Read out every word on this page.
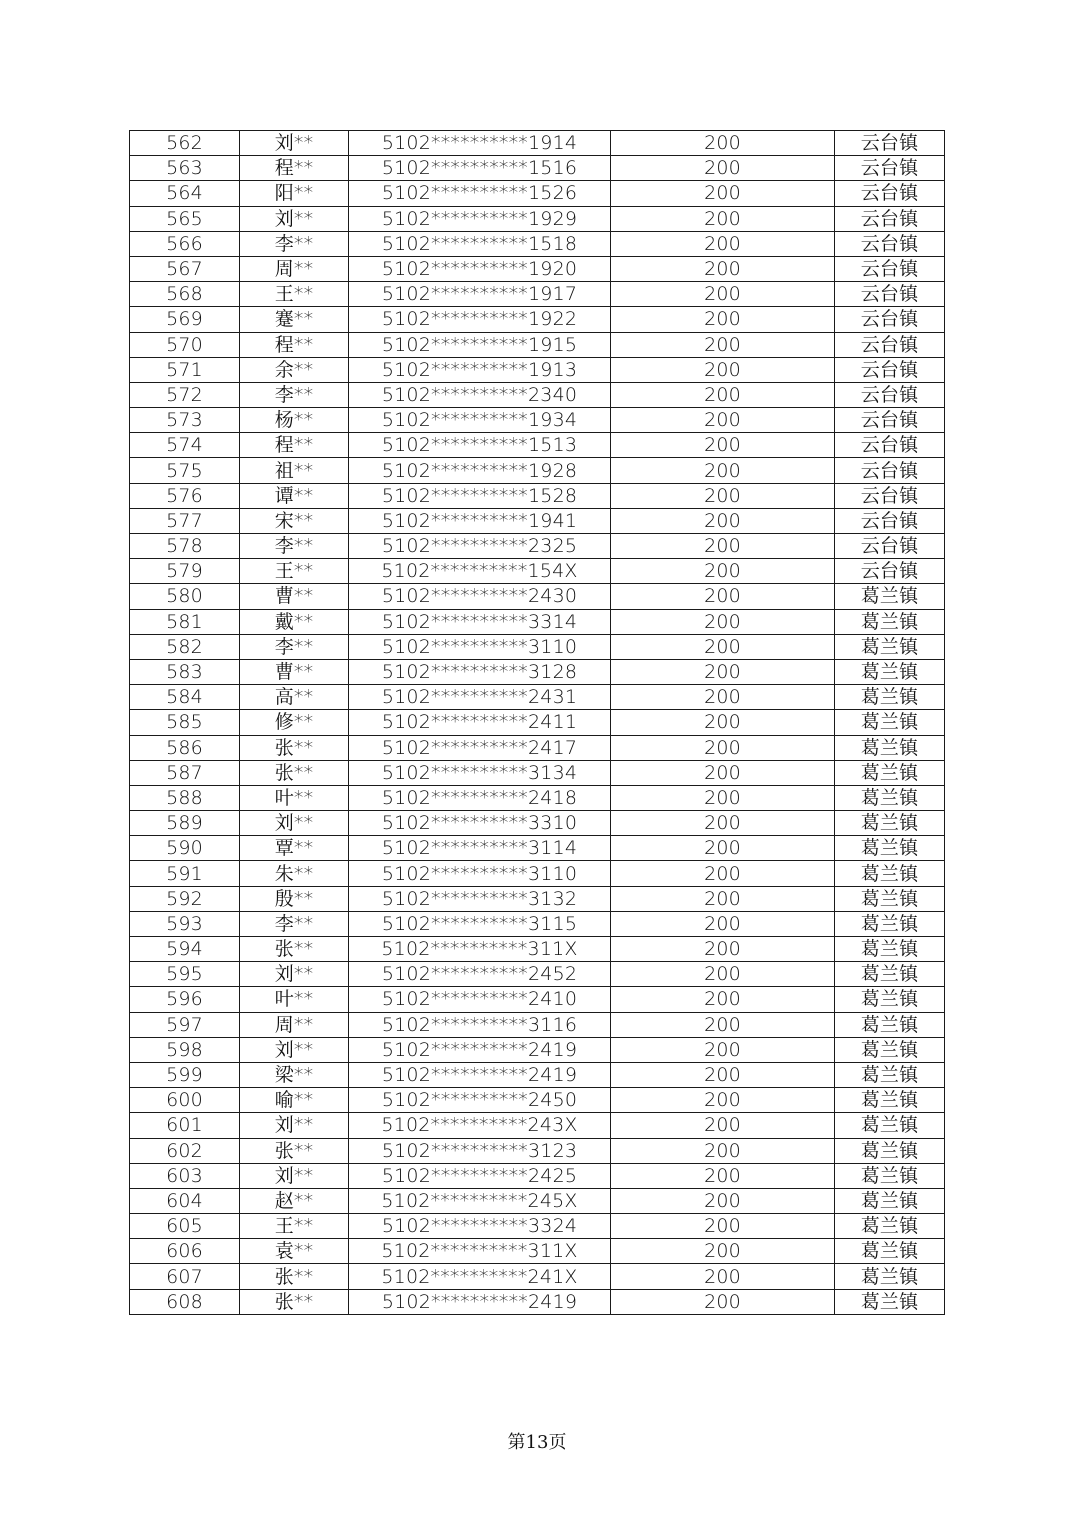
562	刘**	5102**********1914	200	云台镇
563	程**	5102**********1516	200	云台镇
564	阳**	5102**********1526	200	云台镇
565	刘**	5102**********1929	200	云台镇
566	李**	5102**********1518	200	云台镇
567	周**	5102**********1920	200	云台镇
568	王**	5102**********1917	200	云台镇
569	蹇**	5102**********1922	200	云台镇
570	程**	5102**********1915	200	云台镇
571	余**	5102**********1913	200	云台镇
572	李**	5102**********2340	200	云台镇
573	杨**	5102**********1934	200	云台镇
574	程**	5102**********1513	200	云台镇
575	祖**	5102**********1928	200	云台镇
576	谭**	5102**********1528	200	云台镇
577	宋**	5102**********1941	200	云台镇
578	李**	5102**********2325	200	云台镇
579	王**	5102**********154X	200	云台镇
580	曹**	5102**********2430	200	葛兰镇
581	戴**	5102**********3314	200	葛兰镇
582	李**	5102**********3110	200	葛兰镇
583	曹**	5102**********3128	200	葛兰镇
584	高**	5102**********2431	200	葛兰镇
585	修**	5102**********2411	200	葛兰镇
586	张**	5102**********2417	200	葛兰镇
587	张**	5102**********3134	200	葛兰镇
588	叶**	5102**********2418	200	葛兰镇
589	刘**	5102**********3310	200	葛兰镇
590	覃**	5102**********3114	200	葛兰镇
591	朱**	5102**********3110	200	葛兰镇
592	殷**	5102**********3132	200	葛兰镇
593	李**	5102**********3115	200	葛兰镇
594	张**	5102**********311X	200	葛兰镇
595	刘**	5102**********2452	200	葛兰镇
596	叶**	5102**********2410	200	葛兰镇
597	周**	5102**********3116	200	葛兰镇
598	刘**	5102**********2419	200	葛兰镇
599	梁**	5102**********2419	200	葛兰镇
600	喻**	5102**********2450	200	葛兰镇
601	刘**	5102**********243X	200	葛兰镇
602	张**	5102**********3123	200	葛兰镇
603	刘**	5102**********2425	200	葛兰镇
604	赵**	5102**********245X	200	葛兰镇
605	王**	5102**********3324	200	葛兰镇
606	袁**	5102**********311X	200	葛兰镇
607	张**	5102**********241X	200	葛兰镇
608	张**	5102**********2419	200	葛兰镇
第13页
